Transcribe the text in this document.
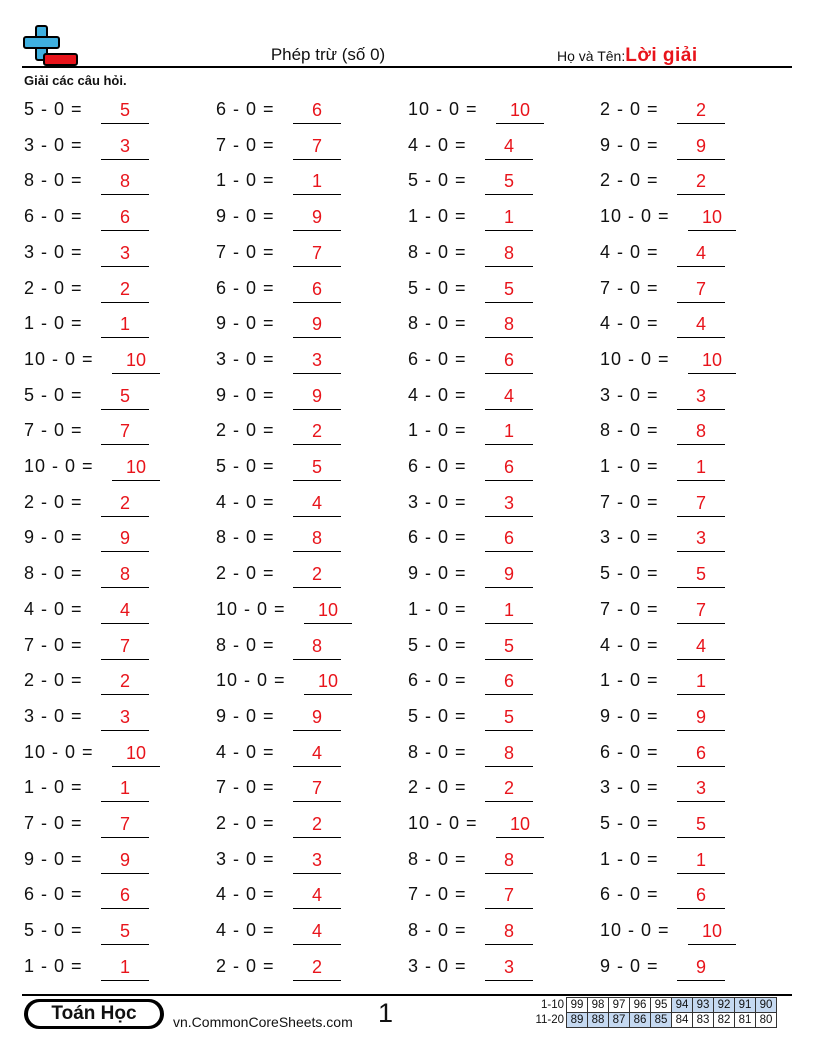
Phép trừ (số 0)	Họ và Tên:Lời giải
Giải các câu hỏi.
5 - 0 =	5	6 - 0 =	6	10 - 0 =	10	2 - 0 =	2
3 - 0 =	3	7 - 0 =	7	4 - 0 =	4	9 - 0 =	9
8 - 0 =	8	1 - 0 =	1	5 - 0 =	5	2 - 0 =	2
6 - 0 =	6	9 - 0 =	9	1 - 0 =	1	10 - 0 =	10
3 - 0 =	3	7 - 0 =	7	8 - 0 =	8	4 - 0 =	4
2 - 0 =	2	6 - 0 =	6	5 - 0 =	5	7 - 0 =	7
1 - 0 =	1	9 - 0 =	9	8 - 0 =	8	4 - 0 =	4
10 - 0 =	10	3 - 0 =	3	6 - 0 =	6	10 - 0 =	10
5 - 0 =	5	9 - 0 =	9	4 - 0 =	4	3 - 0 =	3
7 - 0 =	7	2 - 0 =	2	1 - 0 =	1	8 - 0 =	8
10 - 0 =	10	5 - 0 =	5	6 - 0 =	6	1 - 0 =	1
2 - 0 =	2	4 - 0 =	4	3 - 0 =	3	7 - 0 =	7
9 - 0 =	9	8 - 0 =	8	6 - 0 =	6	3 - 0 =	3
8 - 0 =	8	2 - 0 =	2	9 - 0 =	9	5 - 0 =	5
4 - 0 =	4	10 - 0 =	10	1 - 0 =	1	7 - 0 =	7
7 - 0 =	7	8 - 0 =	8	5 - 0 =	5	4 - 0 =	4
2 - 0 =	2	10 - 0 =	10	6 - 0 =	6	1 - 0 =	1
3 - 0 =	3	9 - 0 =	9	5 - 0 =	5	9 - 0 =	9
10 - 0 =	10	4 - 0 =	4	8 - 0 =	8	6 - 0 =	6
1 - 0 =	1	7 - 0 =	7	2 - 0 =	2	3 - 0 =	3
7 - 0 =	7	2 - 0 =	2	10 - 0 =	10	5 - 0 =	5
9 - 0 =	9	3 - 0 =	3	8 - 0 =	8	1 - 0 =	1
6 - 0 =	6	4 - 0 =	4	7 - 0 =	7	6 - 0 =	6
5 - 0 =	5	4 - 0 =	4	8 - 0 =	8	10 - 0 =	10
1 - 0 =	1	2 - 0 =	2	3 - 0 =	3	9 - 0 =	9
Toán Học	vn.CommonCoreSheets.com 1	1-10	99	98	97	96	95	94	93	92	91	90
11-20	89	88	87	86	85	84	83	82	81	80
